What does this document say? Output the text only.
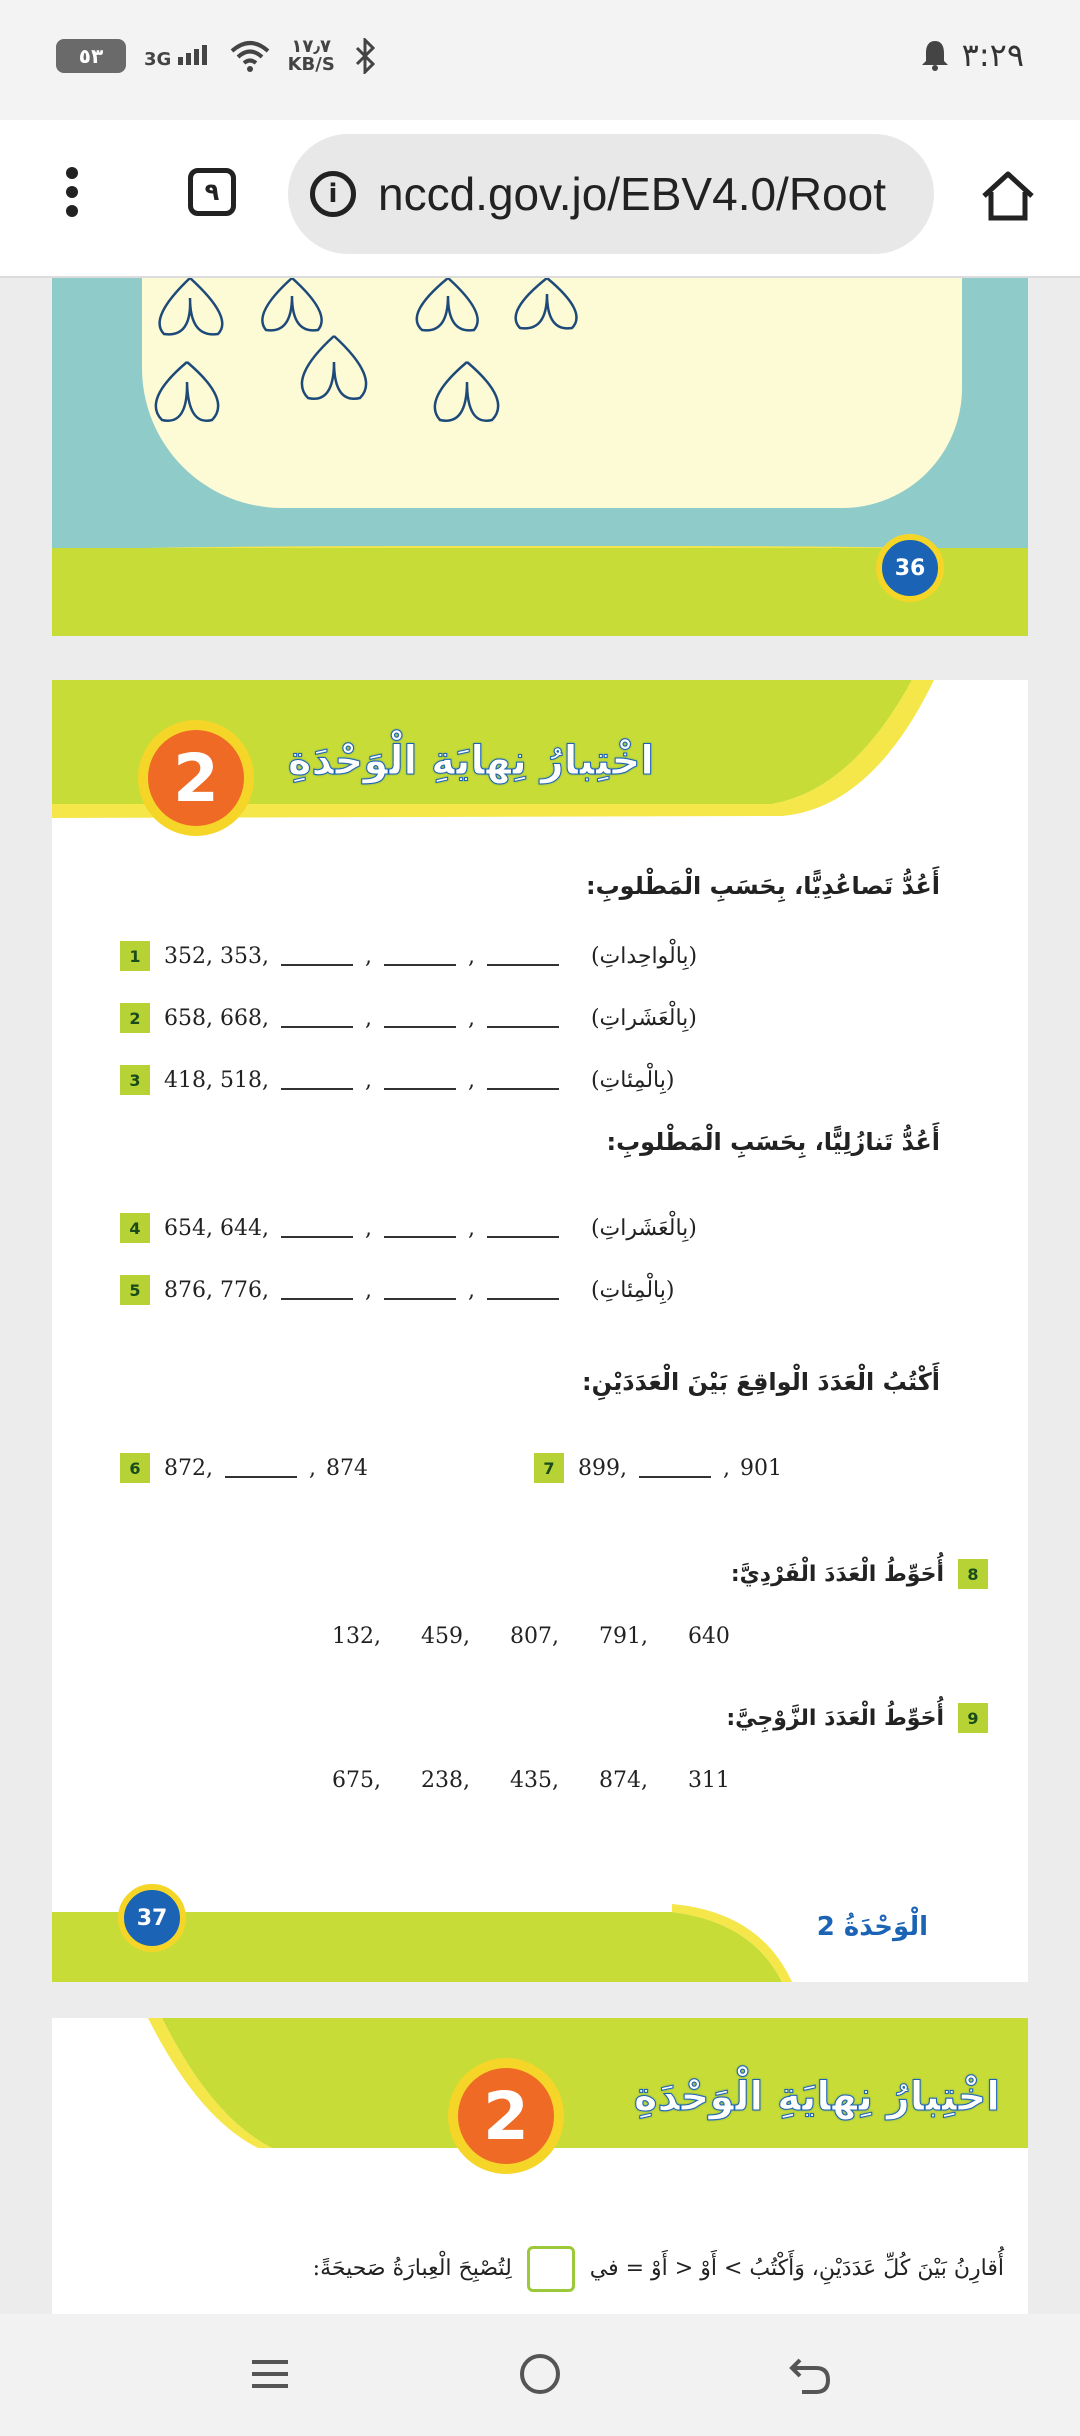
٥٣ 3G
١٧٫٧
KB/S	٣:٢٩
٩	i nccd.gov.jo/EBV4.0/Root
36
2 اخْتِبارُ نِهايَةِ الْوَحْدَةِ
أَعُدُّ تَصاعُدِيًّا، بِحَسَبِ الْمَطْلوبِ:
1	352, 353,	,	,	(بِالْواحِداتِ)
2	658, 668,	,	,	(بِالْعَشَراتِ)
3	418, 518,	,	,	(بِالْمِئاتِ)
أَعُدُّ تَنازُلِيًّا، بِحَسَبِ الْمَطْلوبِ:
4	654, 644,	,	,	(بِالْعَشَراتِ)
5	876, 776,	,	,	(بِالْمِئاتِ)
أَكْتُبُ الْعَدَدَ الْواقِعَ بَيْنَ الْعَدَدَيْنِ:
6	872,	, 874	7	899,	, 901
8
أُحَوِّطُ الْعَدَدَ الْفَرْدِيَّ:
132, 459, 807, 791, 640
9
أُحَوِّطُ الْعَدَدَ الزَّوْجِيَّ:
675, 238, 435, 874, 311
37	الْوَحْدَةُ 2
2	اخْتِبارُ نِهايَةِ الْوَحْدَةِ
أُقارِنُ بَيْنَ كُلِّ عَدَدَيْنِ، وَأَكْتُبُ > أَوْ < أَوْ = في  لِتُصْبِحَ الْعِبارَةُ صَحيحَةً:
